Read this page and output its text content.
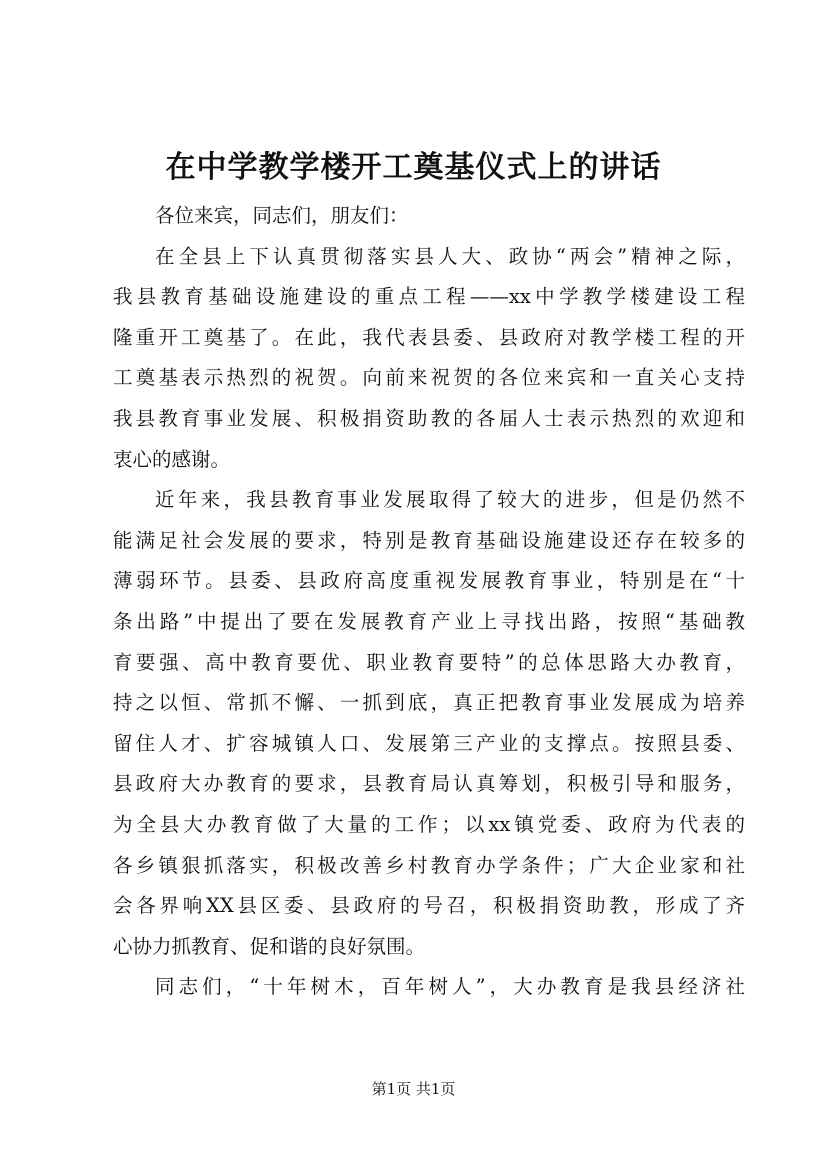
在中学教学楼开工奠基仪式上的讲话
各位来宾，同志们，朋友们：
在全县上下认真贯彻落实县人大、政协“两会”精神之际，
我县教育基础设施建设的重点工程——xx中学教学楼建设工程
隆重开工奠基了。在此，我代表县委、县政府对教学楼工程的开
工奠基表示热烈的祝贺。向前来祝贺的各位来宾和一直关心支持
我县教育事业发展、积极捐资助教的各届人士表示热烈的欢迎和
衷心的感谢。
近年来，我县教育事业发展取得了较大的进步，但是仍然不
能满足社会发展的要求，特别是教育基础设施建设还存在较多的
薄弱环节。县委、县政府高度重视发展教育事业，特别是在“十
条出路”中提出了要在发展教育产业上寻找出路，按照“基础教
育要强、高中教育要优、职业教育要特”的总体思路大办教育，
持之以恒、常抓不懈、一抓到底，真正把教育事业发展成为培养
留住人才、扩容城镇人口、发展第三产业的支撑点。按照县委、
县政府大办教育的要求，县教育局认真筹划，积极引导和服务，
为全县大办教育做了大量的工作；以xx镇党委、政府为代表的
各乡镇狠抓落实，积极改善乡村教育办学条件；广大企业家和社
会各界响XX县区委、县政府的号召，积极捐资助教，形成了齐
心协力抓教育、促和谐的良好氛围。
同志们，“十年树木，百年树人”，大办教育是我县经济社
第1页 共1页
